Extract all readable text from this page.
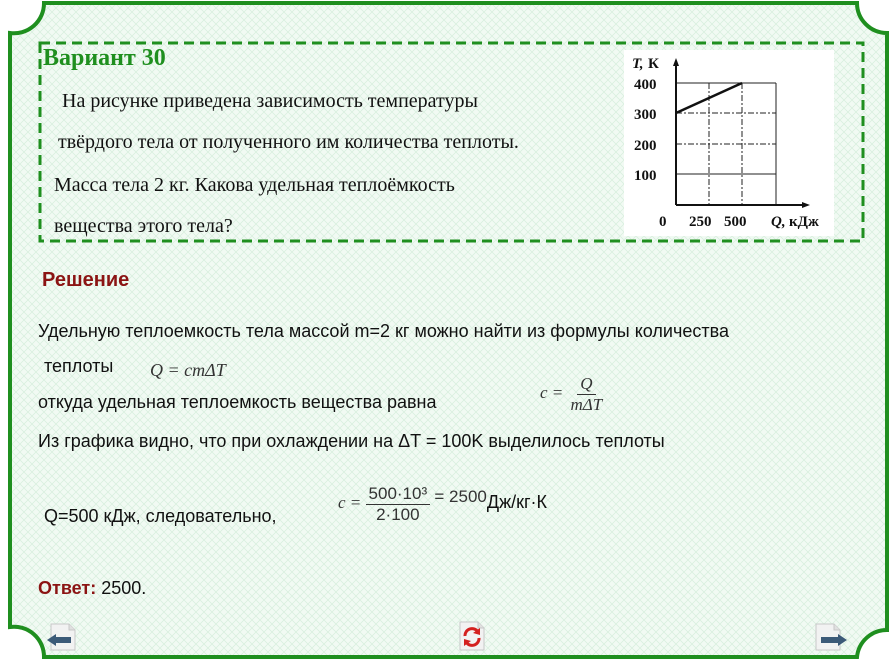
Вариант 30
На рисунке приведена зависимость температуры
твёрдого тела от полученного им количества теплоты.
Масса тела 2 кг. Какова удельная теплоёмкость
вещества этого тела?
T, К
400
300
200
100
0 250 500 Q, кДж
Решение
Удельную теплоемкость тела массой m=2 кг можно найти из формулы количества
теплоты Q = cmΔT
откуда удельная теплоемкость вещества равна	$c = \frac{Q}{\text{mΔT}}$
Из графика видно, что при охлаждении на ΔT = 100K выделилось теплоты
Q=500 кДж, следовательно,
$c = \frac{\text{500·10³}}{2\cdot 100} = 2500Дж/кг\cdot К$
Ответ: 2500.
